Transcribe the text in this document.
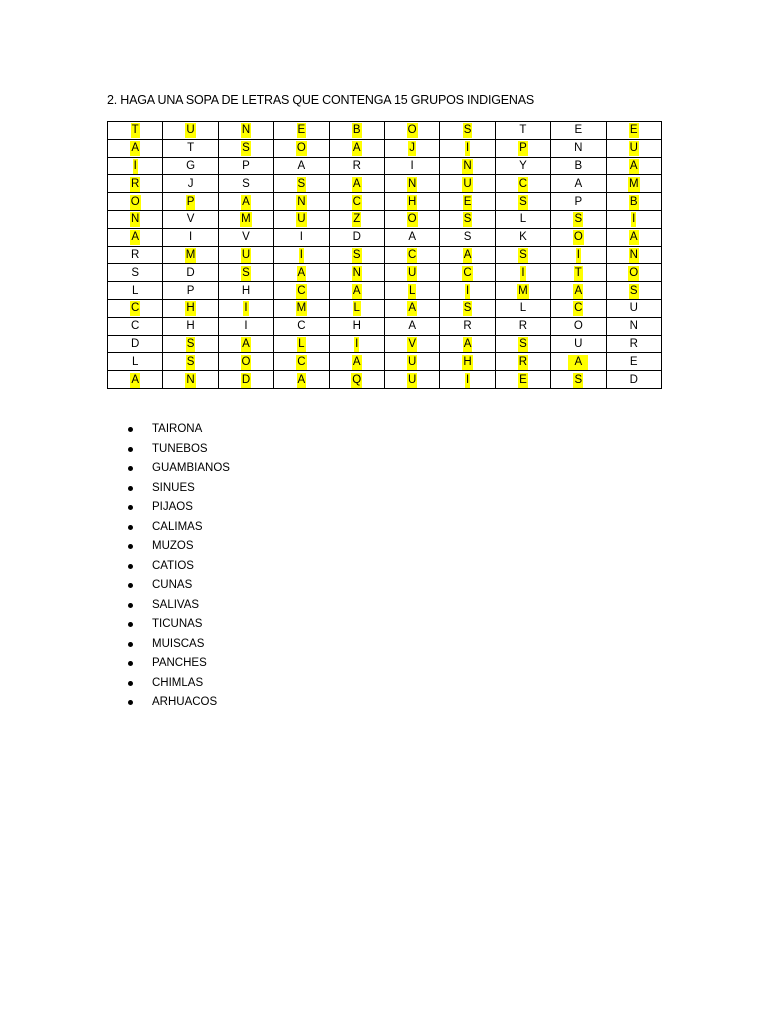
2. HAGA UNA SOPA DE LETRAS QUE CONTENGA 15 GRUPOS INDIGENAS
T	U	N	E	B	O	S	T	E	E
A	T	S	O	A	J	I	P	N	U
I	G	P	A	R	I	N	Y	B	A
R	J	S	S	A	N	U	C	A	M
O	P	A	N	C	H	E	S	P	B
N	V	M	U	Z	O	S	L	S	I
A	I	V	I	D	A	S	K	O	A
R	M	U	I	S	C	A	S	I	N
S	D	S	A	N	U	C	I	T	O
L	P	H	C	A	L	I	M	A	S
C	H	I	M	L	A	S	L	C	U
C	H	I	C	H	A	R	R	O	N
D	S	A	L	I	V	A	S	U	R
L	S	O	C	A	U	H	R	A	E
A	N	D	A	Q	U	I	E	S	D
TAIRONA
TUNEBOS
GUAMBIANOS
SINUES
PIJAOS
CALIMAS
MUZOS
CATIOS
CUNAS
SALIVAS
TICUNAS
MUISCAS
PANCHES
CHIMLAS
ARHUACOS
